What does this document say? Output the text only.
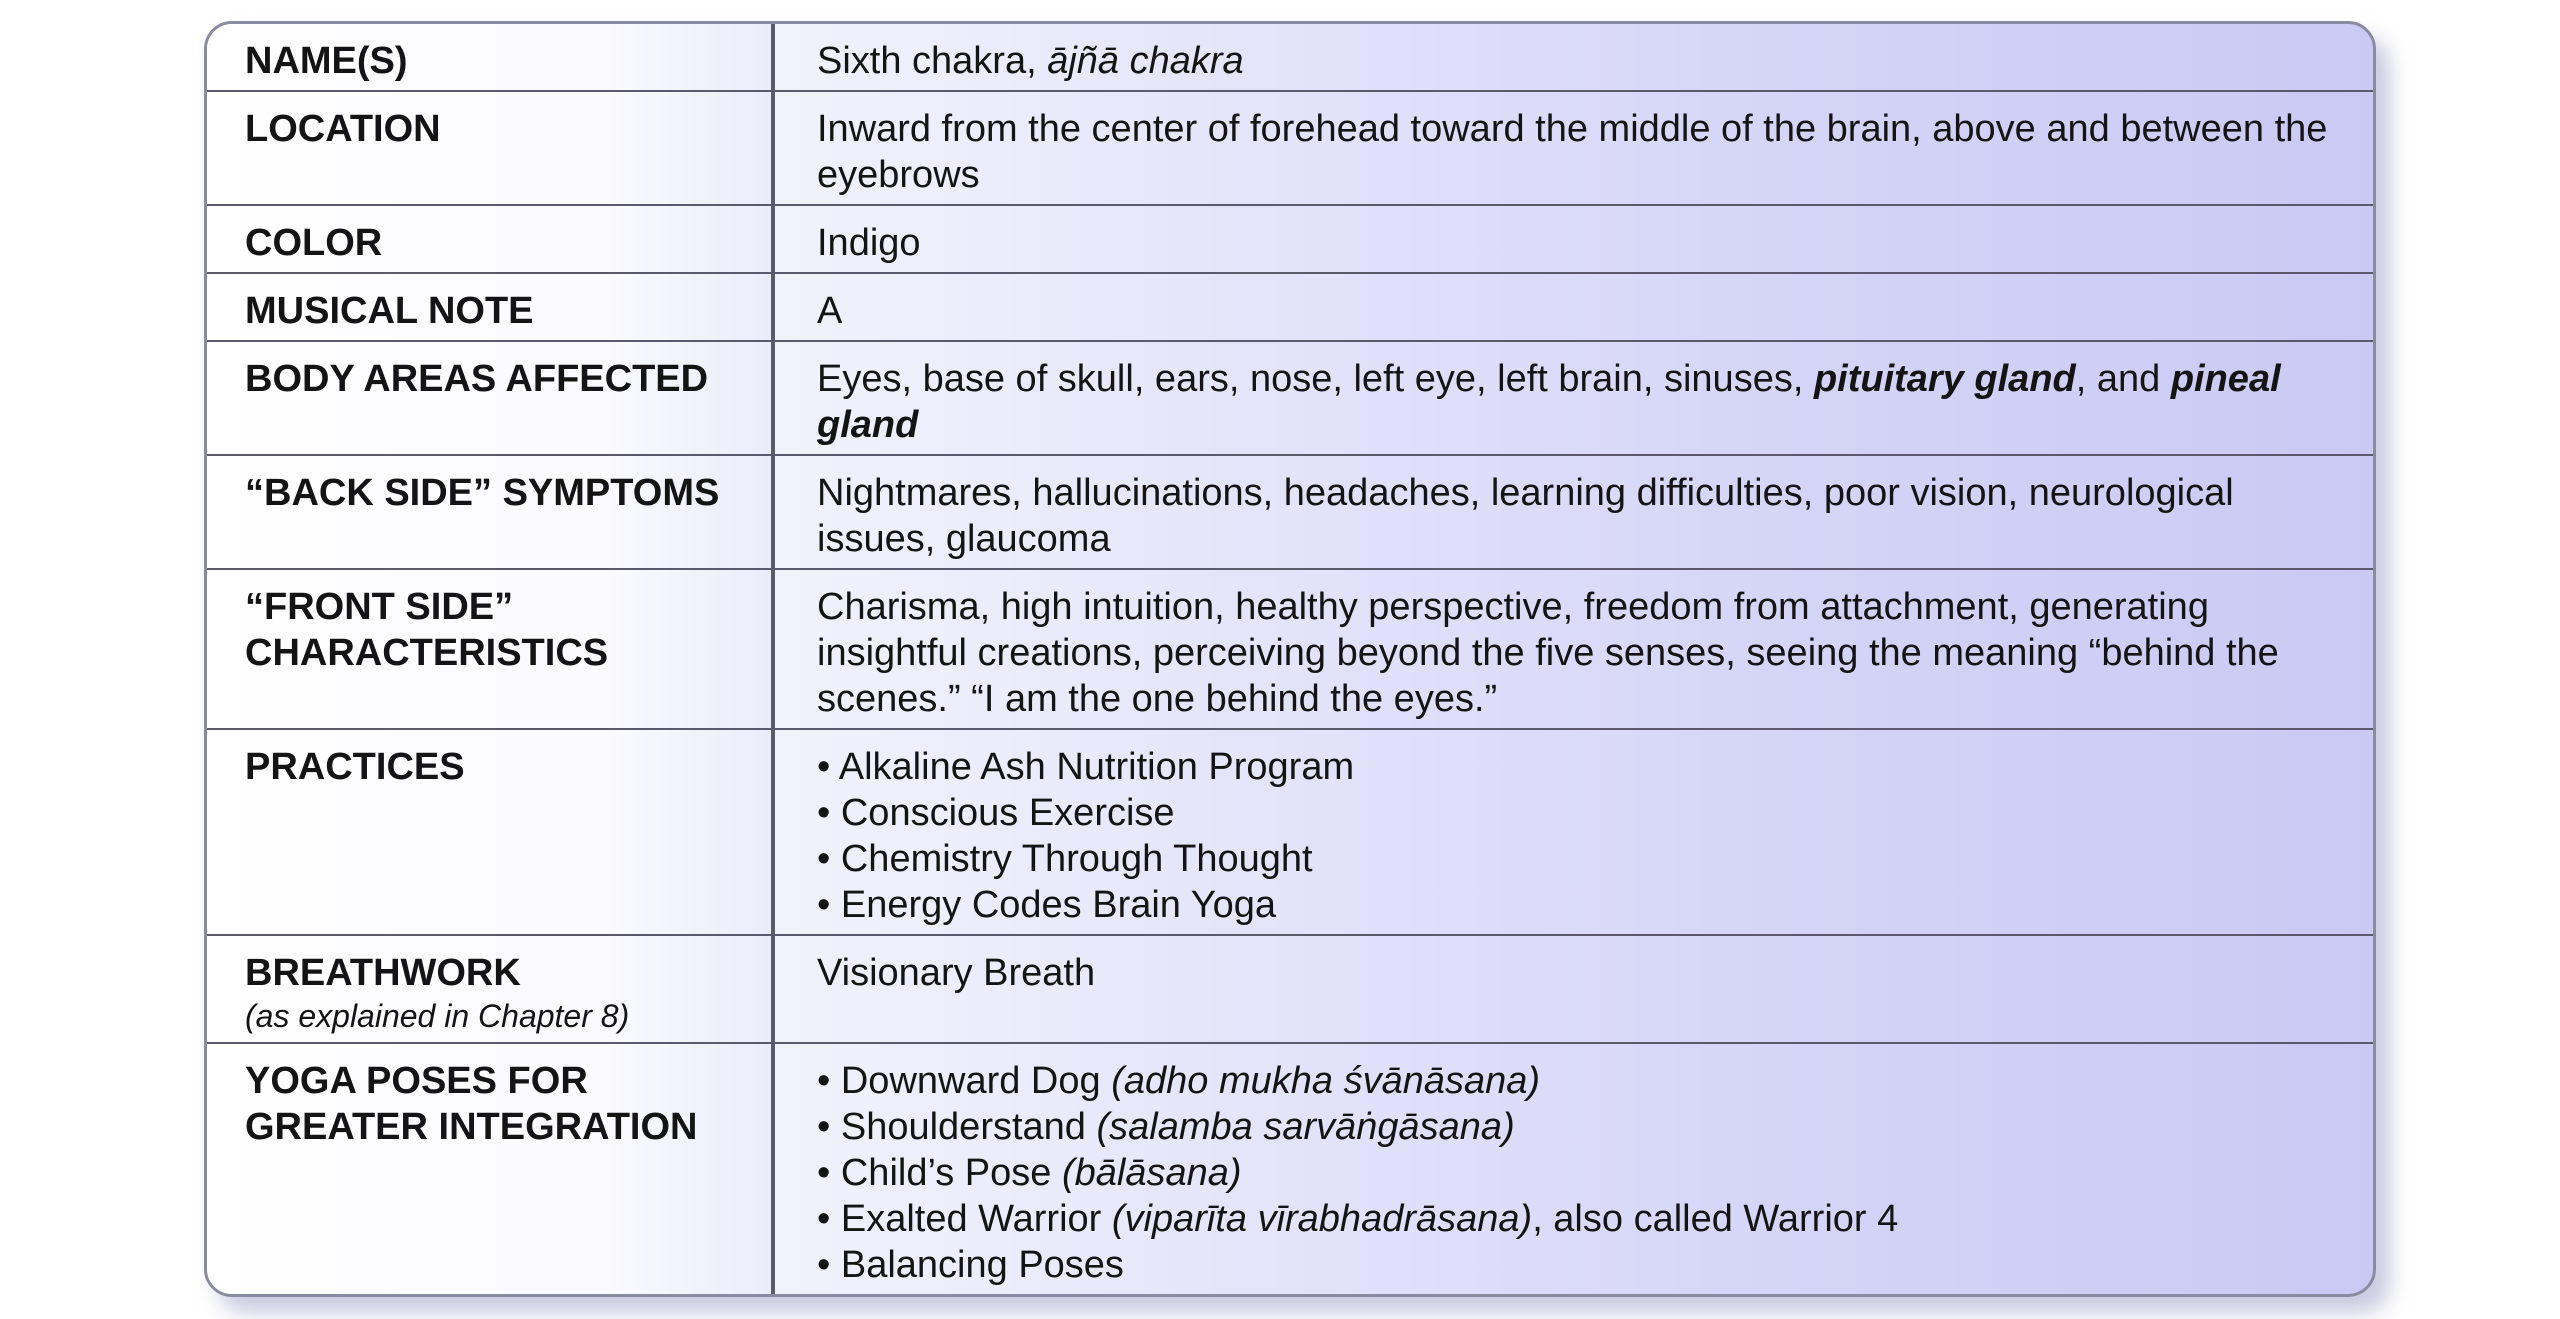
NAME(S)	Sixth chakra, ājñā chakra
LOCATION	Inward from the center of forehead toward the middle of the brain, above and between the eyebrows
COLOR	Indigo
MUSICAL NOTE	A
BODY AREAS AFFECTED	Eyes, base of skull, ears, nose, left eye, left brain, sinuses, pituitary gland, and pineal gland
“BACK SIDE” SYMPTOMS	Nightmares, hallucinations, headaches, learning difficulties, poor vision, neurological issues, glaucoma

“FRONT SIDE”
CHARACTERISTICS	Charisma, high intuition, healthy perspective, freedom from attachment, generating insightful creations, perceiving beyond the five senses, seeing the meaning “behind the scenes.” “I am the one behind the eyes.”
PRACTICES	• Alkaline Ash Nutrition Program
• Conscious Exercise
• Chemistry Through Thought
• Energy Codes Brain Yoga

BREATHWORK
(as explained in Chapter 8)	Visionary Breath

YOGA POSES FOR
GREATER INTEGRATION	• Downward Dog (adho mukha śvānāsana)
• Shoulderstand (salamba sarvāṅgāsana)
• Child’s Pose (bālāsana)
• Exalted Warrior (viparīta vīrabhadrāsana), also called Warrior 4
• Balancing Poses
